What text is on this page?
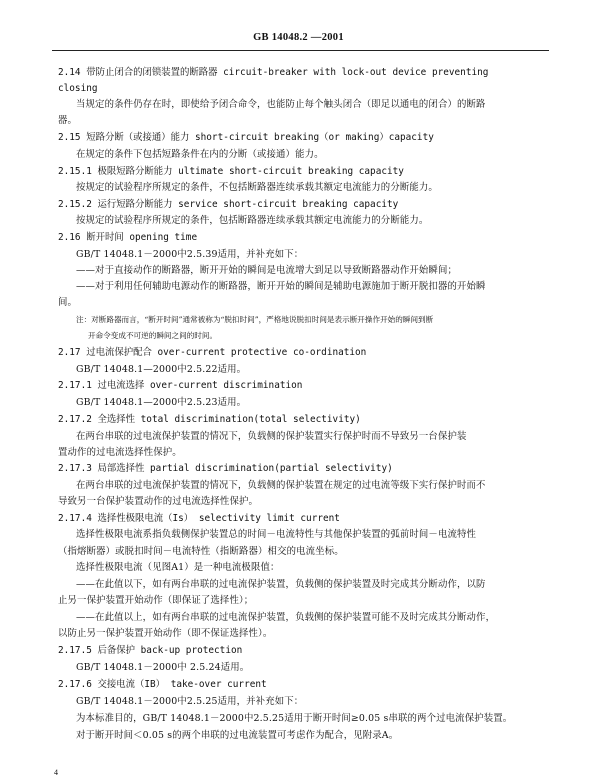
GB 14048.2 —2001
2.14 带防止闭合的闭锁装置的断路器 circuit-breaker with lock-out device preventing
closing
当规定的条件仍存在时，即使给予闭合命令，也能防止每个触头闭合（即足以通电的闭合）的断路
器。
2.15 短路分断（或接通）能力 short-circuit breaking（or making）capacity
在规定的条件下包括短路条件在内的分断（或接通）能力。
2.15.1 极限短路分断能力 ultimate short-circuit breaking capacity
按规定的试验程序所规定的条件，不包括断路器连续承载其额定电流能力的分断能力。
2.15.2 运行短路分断能力 service short-circuit breaking capacity
按规定的试验程序所规定的条件，包括断路器连续承载其额定电流能力的分断能力。
2.16 断开时间 opening time
GB/T 14048.1－2000中2.5.39适用，并补充如下：
——对于直接动作的断路器，断开开始的瞬间是电流增大到足以导致断路器动作开始瞬间；
——对于利用任何辅助电源动作的断路器，断开开始的瞬间是辅助电源施加于断开脱扣器的开始瞬
间。
注：对断路器而言，“断开时间”通常被称为“脱扣时间”，严格地说脱扣时间是表示断开操作开始的瞬间到断
开命令变成不可逆的瞬间之间的时间。
2.17 过电流保护配合 over-current protective co-ordination
GB/T 14048.1—2000中2.5.22适用。
2.17.1 过电流选择 over-current discrimination
GB/T 14048.1—2000中2.5.23适用。
2.17.2 全选择性 total discrimination(total selectivity)
在两台串联的过电流保护装置的情况下，负载侧的保护装置实行保护时而不导致另一台保护装
置动作的过电流选择性保护。
2.17.3 局部选择性 partial discrimination(partial selectivity)
在两台串联的过电流保护装置的情况下，负载侧的保护装置在规定的过电流等级下实行保护时而不
导致另一台保护装置动作的过电流选择性保护。
2.17.4 选择性极限电流（Is） selectivity limit current
选择性极限电流系指负载侧保护装置总的时间－电流特性与其他保护装置的弧前时间－电流特性
（指熔断器）或脱扣时间－电流特性（指断路器）相交的电流坐标。
选择性极限电流（见图A1）是一种电流极限值：
——在此值以下，如有两台串联的过电流保护装置，负载侧的保护装置及时完成其分断动作，以防
止另一保护装置开始动作（即保证了选择性）；
——在此值以上，如有两台串联的过电流保护装置，负载侧的保护装置可能不及时完成其分断动作，
以防止另一保护装置开始动作（即不保证选择性）。
2.17.5 后备保护 back-up protection
GB/T 14048.1－2000中 2.5.24适用。
2.17.6 交接电流（IB） take-over current
GB/T 14048.1－2000中2.5.25适用，并补充如下：
为本标准目的，GB/T 14048.1－2000中2.5.25适用于断开时间≥0.05 s串联的两个过电流保护装置。
对于断开时间＜0.05 s的两个串联的过电流装置可考虑作为配合，见附录A。
4
